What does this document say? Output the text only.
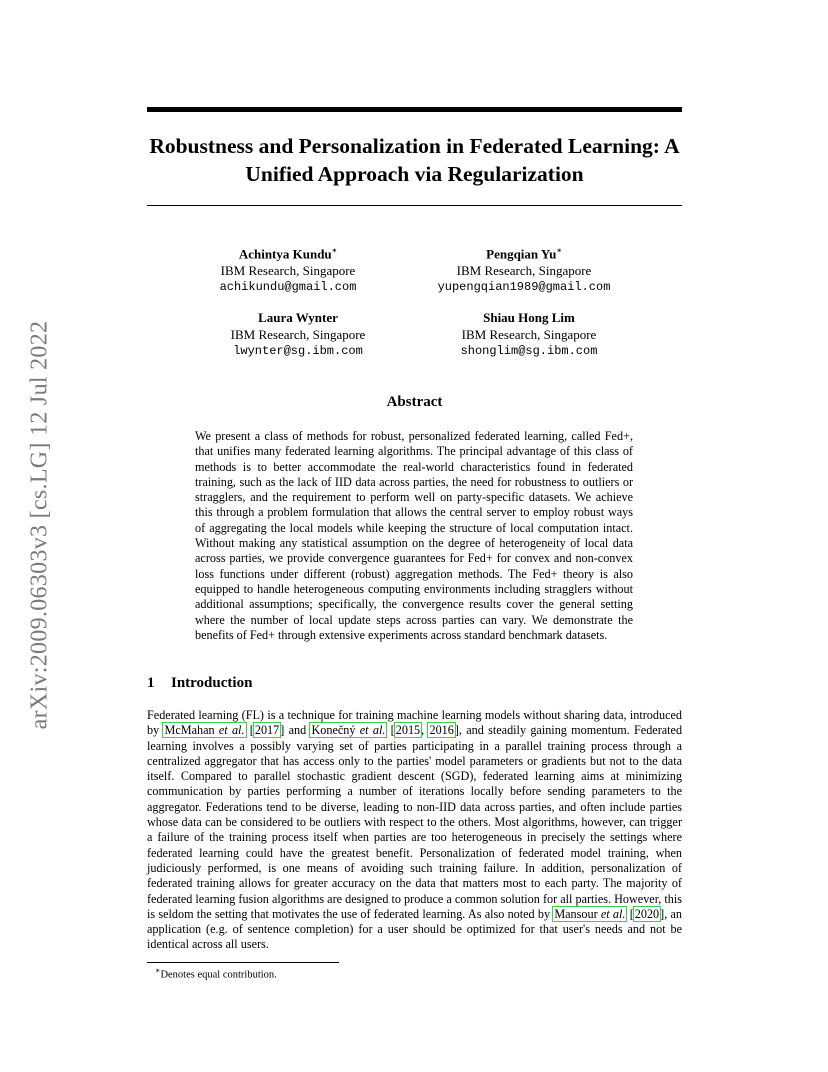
arXiv:2009.06303v3 [cs.LG] 12 Jul 2022
Robustness and Personalization in Federated Learning: A Unified Approach via Regularization
Achintya Kundu∗
IBM Research, Singapore
achikundu@gmail.com
Pengqian Yu∗
IBM Research, Singapore
yupengqian1989@gmail.com
Laura Wynter
IBM Research, Singapore
lwynter@sg.ibm.com
Shiau Hong Lim
IBM Research, Singapore
shonglim@sg.ibm.com
Abstract
We present a class of methods for robust, personalized federated learning, called Fed+, that unifies many federated learning algorithms. The principal advantage of this class of methods is to better accommodate the real-world characteristics found in federated training, such as the lack of IID data across parties, the need for robustness to outliers or stragglers, and the requirement to perform well on party-specific datasets. We achieve this through a problem formulation that allows the central server to employ robust ways of aggregating the local models while keeping the structure of local computation intact. Without making any statistical assumption on the degree of heterogeneity of local data across parties, we provide convergence guarantees for Fed+ for convex and non-convex loss functions under different (robust) aggregation methods. The Fed+ theory is also equipped to handle heterogeneous computing environments including stragglers without additional assumptions; specifically, the convergence results cover the general setting where the number of local update steps across parties can vary. We demonstrate the benefits of Fed+ through extensive experiments across standard benchmark datasets.
1 Introduction
Federated learning (FL) is a technique for training machine learning models without sharing data, introduced by McMahan et al. [2017] and Konečný et al. [2015, 2016], and steadily gaining momentum. Federated learning involves a possibly varying set of parties participating in a parallel training process through a centralized aggregator that has access only to the parties' model parameters or gradients but not to the data itself. Compared to parallel stochastic gradient descent (SGD), federated learning aims at minimizing communication by parties performing a number of iterations locally before sending parameters to the aggregator. Federations tend to be diverse, leading to non-IID data across parties, and often include parties whose data can be considered to be outliers with respect to the others. Most algorithms, however, can trigger a failure of the training process itself when parties are too heterogeneous in precisely the settings where federated learning could have the greatest benefit. Personalization of federated model training, when judiciously performed, is one means of avoiding such training failure. In addition, personalization of federated training allows for greater accuracy on the data that matters most to each party. The majority of federated learning fusion algorithms are designed to produce a common solution for all parties. However, this is seldom the setting that motivates the use of federated learning. As also noted by Mansour et al. [2020], an application (e.g. of sentence completion) for a user should be optimized for that user's needs and not be identical across all users.
∗Denotes equal contribution.
